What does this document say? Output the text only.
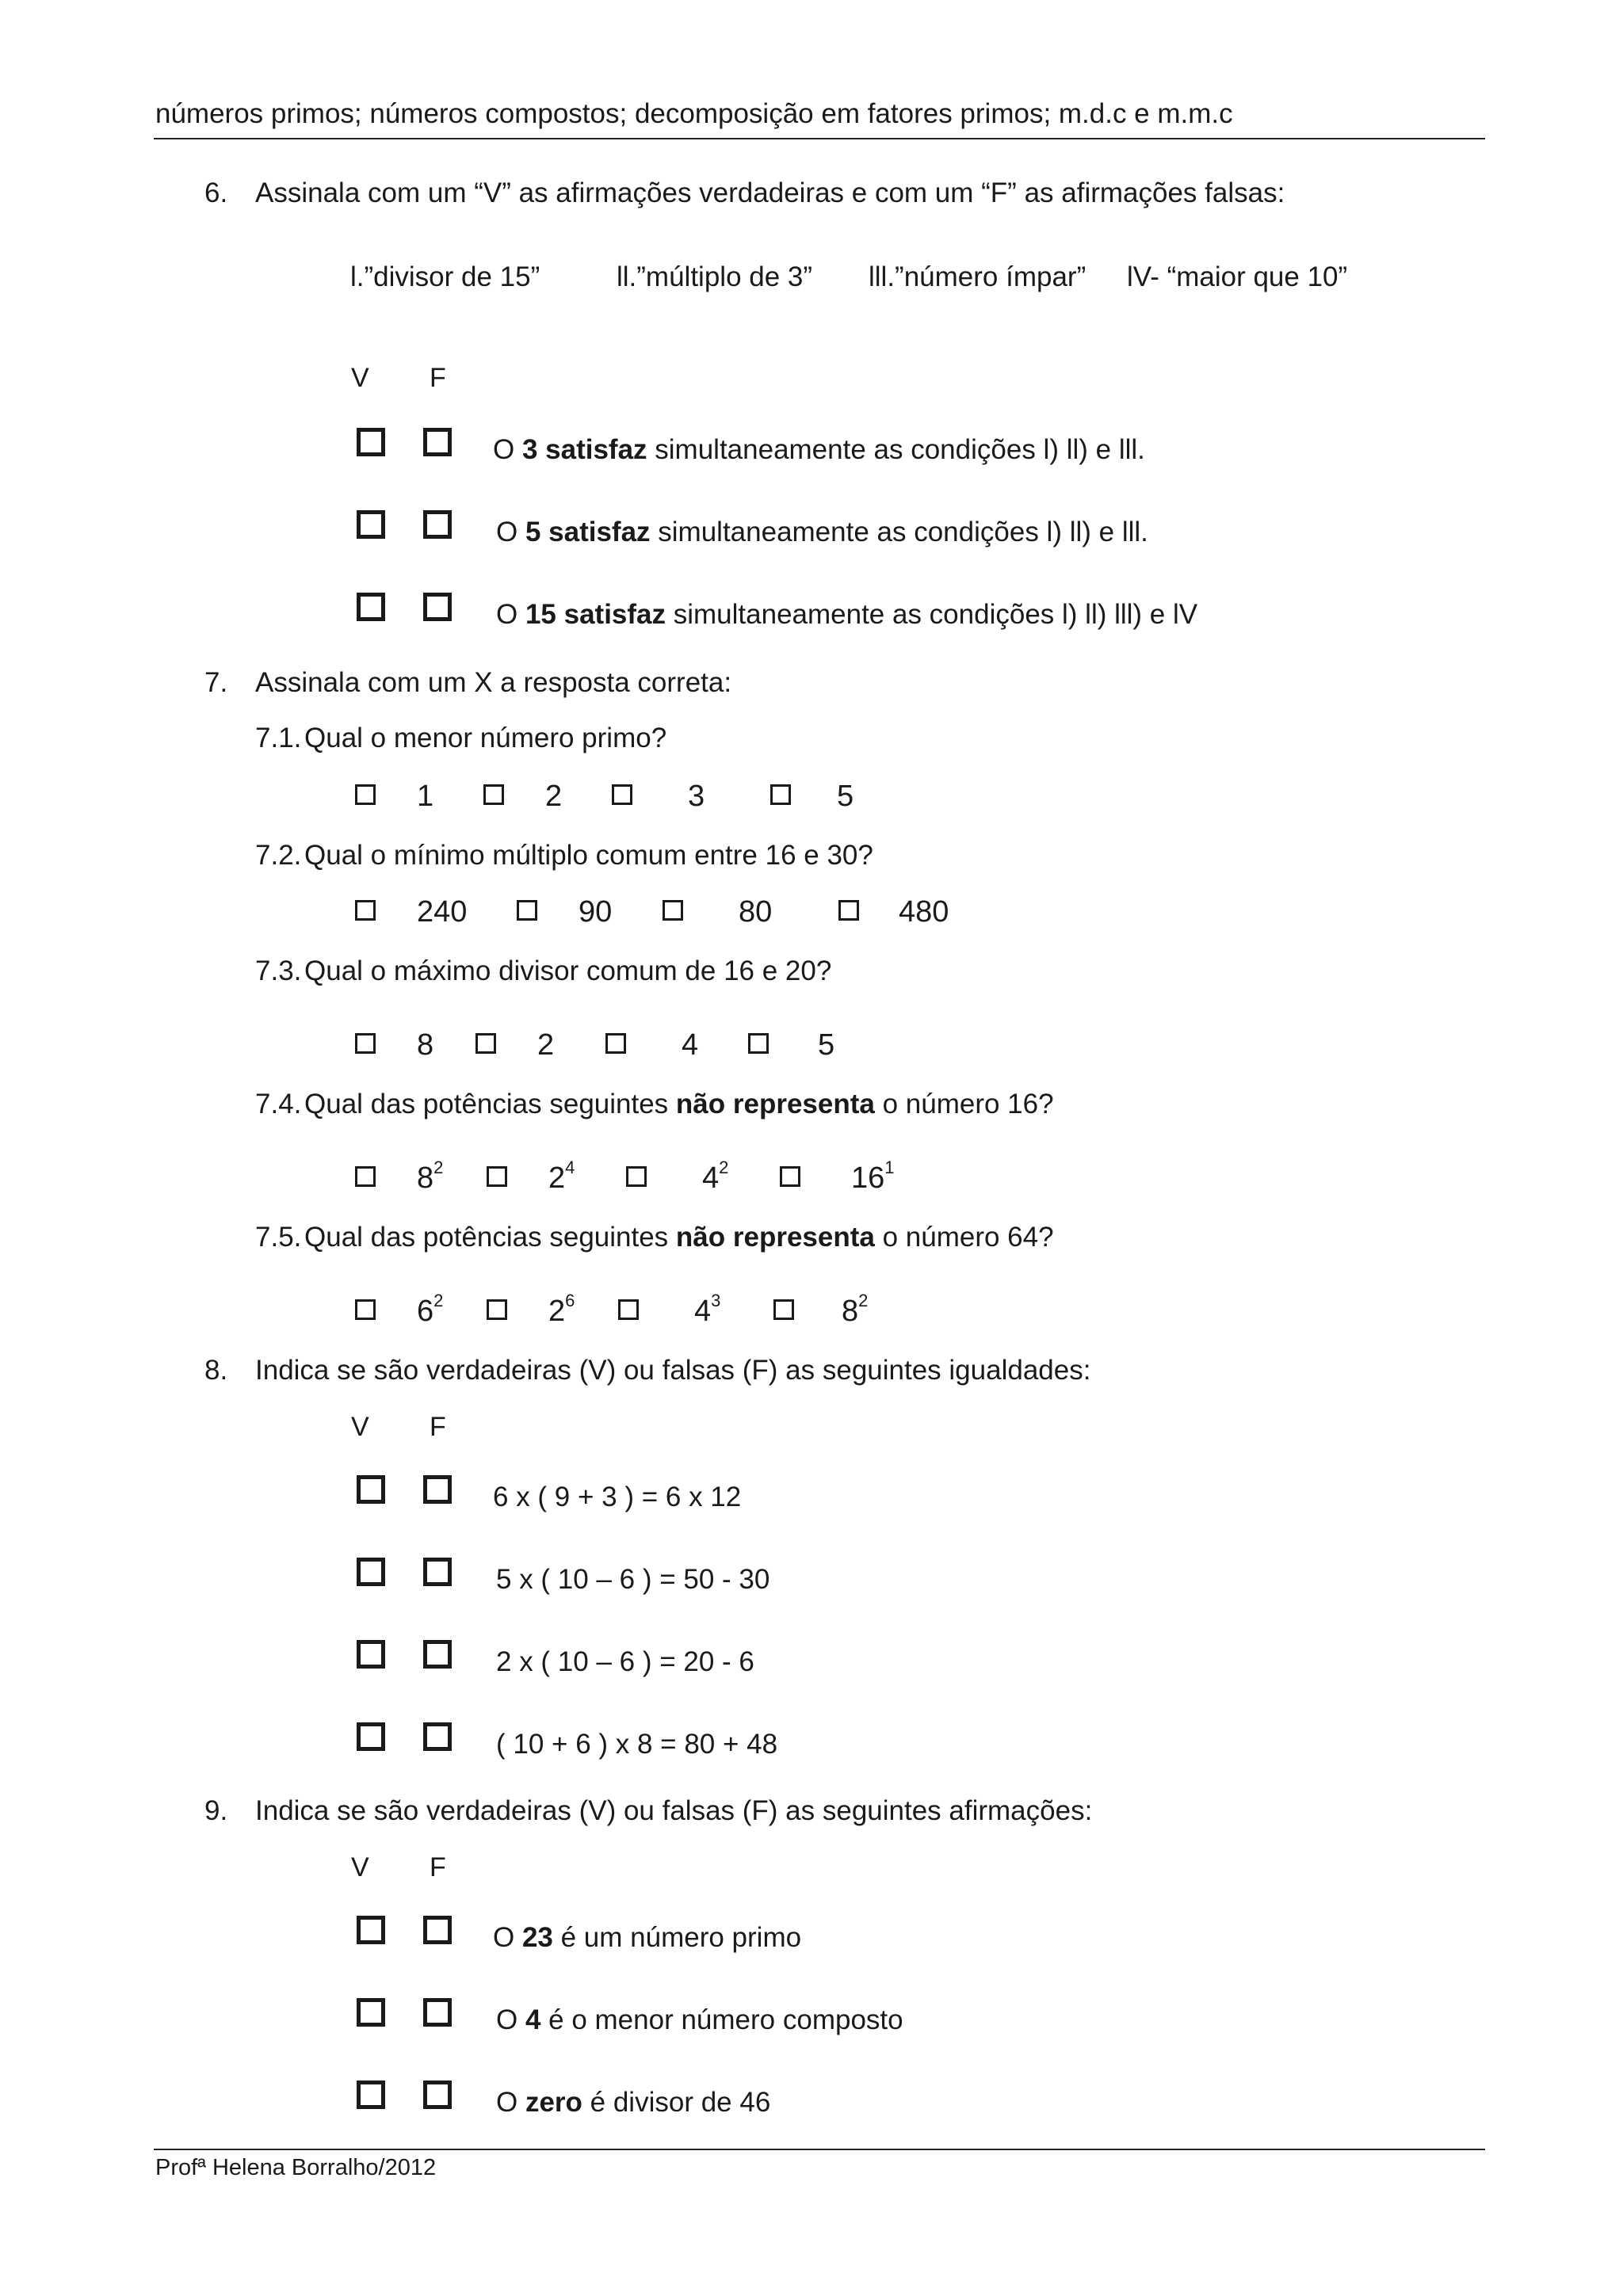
números primos; números compostos; decomposição em fatores primos; m.d.c e m.m.c
6. Assinala com um “V” as afirmações verdadeiras e com um “F” as afirmações falsas:
l.”divisor de 15”	ll.”múltiplo de 3” lll.”número ímpar” lV- “maior que 10”
V F
O 3 satisfaz simultaneamente as condições l) ll) e lll.
O 5 satisfaz simultaneamente as condições l) ll) e lll.
O 15 satisfaz simultaneamente as condições l) ll) lll) e lV
7. Assinala com um X a resposta correta:
7.1. Qual o menor número primo?
1	2	3	5
7.2. Qual o mínimo múltiplo comum entre 16 e 30?
240	90	80	480
7.3. Qual o máximo divisor comum de 16 e 20?
8	2	4	5
7.4. Qual das potências seguintes não representa o número 16?
$8^2$	$2^4$	$4^2$	$16^1$
7.5. Qual das potências seguintes não representa o número 64?
$6^2$	$2^6$	$4^3$	$8^2$
8. Indica se são verdadeiras (V) ou falsas (F) as seguintes igualdades:
V F
6 x ( 9 + 3 ) = 6 x 12
5 x ( 10 – 6 ) = 50 - 30
2 x ( 10 – 6 ) = 20 - 6
( 10 + 6 ) x 8 = 80 + 48
9. Indica se são verdadeiras (V) ou falsas (F) as seguintes afirmações:
V F
O 23 é um número primo
O 4 é o menor número composto
O zero é divisor de 46
Profª Helena Borralho/2012
